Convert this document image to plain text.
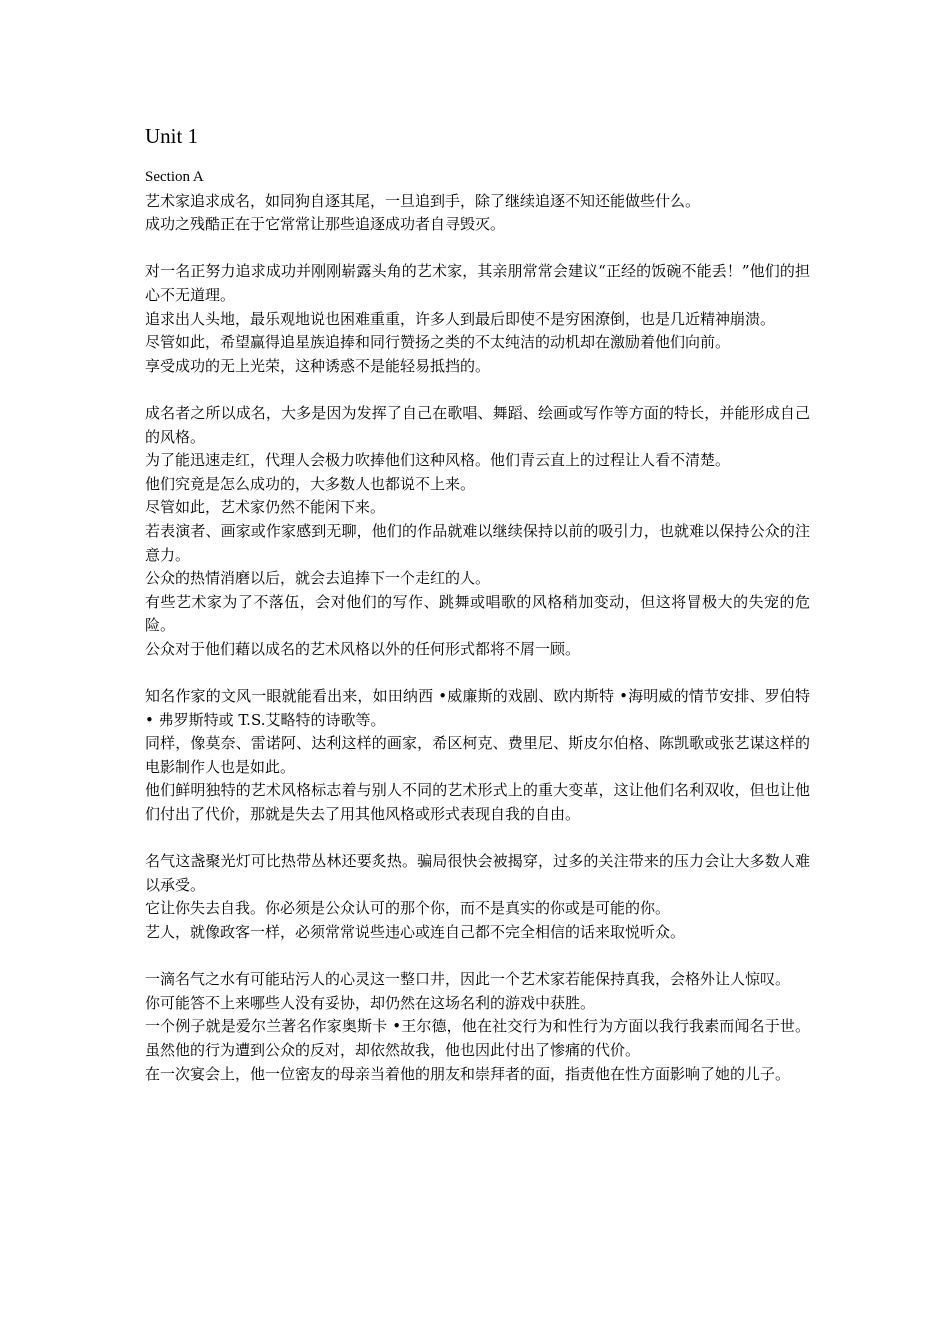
Unit 1

Section A

艺术家追求成名，如同狗自逐其尾，一旦追到手，除了继续追逐不知还能做些什么。

成功之残酷正在于它常常让那些追逐成功者自寻毁灭。

对一名正努力追求成功并刚刚崭露头角的艺术家，其亲朋常常会建议“正经的饭碗不能丢！”他们的担心不无道理。

追求出人头地，最乐观地说也困难重重，许多人到最后即使不是穷困潦倒，也是几近精神崩溃。

尽管如此，希望赢得追星族追捧和同行赞扬之类的不太纯洁的动机却在激励着他们向前。

享受成功的无上光荣，这种诱惑不是能轻易抵挡的。

成名者之所以成名，大多是因为发挥了自己在歌唱、舞蹈、绘画或写作等方面的特长，并能形成自己的风格。

为了能迅速走红，代理人会极力吹捧他们这种风格。他们青云直上的过程让人看不清楚。

他们究竟是怎么成功的，大多数人也都说不上来。

尽管如此，艺术家仍然不能闲下来。

若表演者、画家或作家感到无聊，他们的作品就难以继续保持以前的吸引力，也就难以保持公众的注意力。

公众的热情消磨以后，就会去追捧下一个走红的人。

有些艺术家为了不落伍，会对他们的写作、跳舞或唱歌的风格稍加变动，但这将冒极大的失宠的危险。

公众对于他们藉以成名的艺术风格以外的任何形式都将不屑一顾。

知名作家的文风一眼就能看出来，如田纳西 •威廉斯的戏剧、欧内斯特 •海明威的情节安排、罗伯特 • 弗罗斯特或 T.S.艾略特的诗歌等。

同样，像莫奈、雷诺阿、达利这样的画家，希区柯克、费里尼、斯皮尔伯格、陈凯歌或张艺谋这样的电影制作人也是如此。

他们鲜明独特的艺术风格标志着与别人不同的艺术形式上的重大变革，这让他们名利双收，但也让他们付出了代价，那就是失去了用其他风格或形式表现自我的自由。

名气这盏聚光灯可比热带丛林还要炙热。骗局很快会被揭穿，过多的关注带来的压力会让大多数人难以承受。

它让你失去自我。你必须是公众认可的那个你，而不是真实的你或是可能的你。

艺人，就像政客一样，必须常常说些违心或连自己都不完全相信的话来取悦听众。

一滴名气之水有可能玷污人的心灵这一整口井，因此一个艺术家若能保持真我，会格外让人惊叹。

你可能答不上来哪些人没有妥协，却仍然在这场名利的游戏中获胜。

一个例子就是爱尔兰著名作家奥斯卡 •王尔德，他在社交行为和性行为方面以我行我素而闻名于世。虽然他的行为遭到公众的反对，却依然故我，他也因此付出了惨痛的代价。

在一次宴会上，他一位密友的母亲当着他的朋友和崇拜者的面，指责他在性方面影响了她的儿子。
